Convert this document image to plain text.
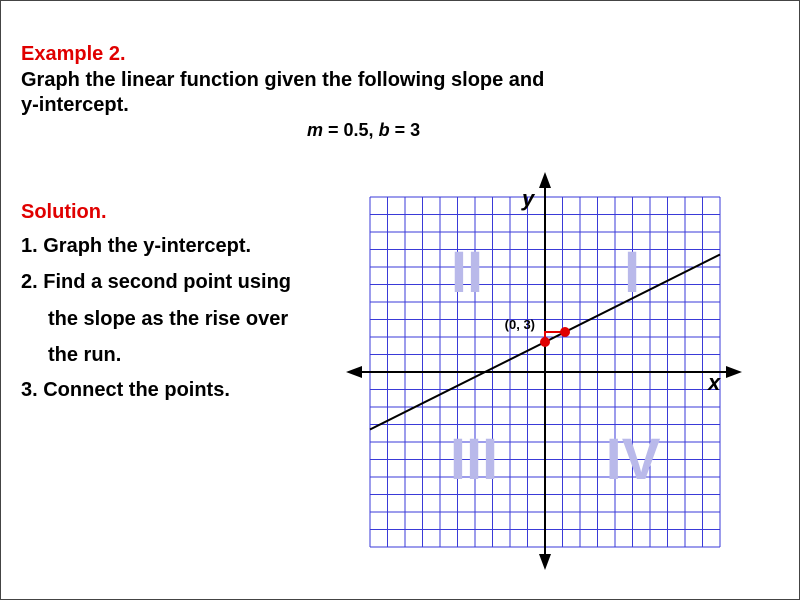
Example 2.
Graph the linear function given the following slope and
y-intercept.
m = 0.5, b = 3
Solution.
1. Graph the y-intercept.
2. Find a second point using
the slope as the rise over
the run.
3. Connect the points.
II I
III IV
x
y
(0, 3)
